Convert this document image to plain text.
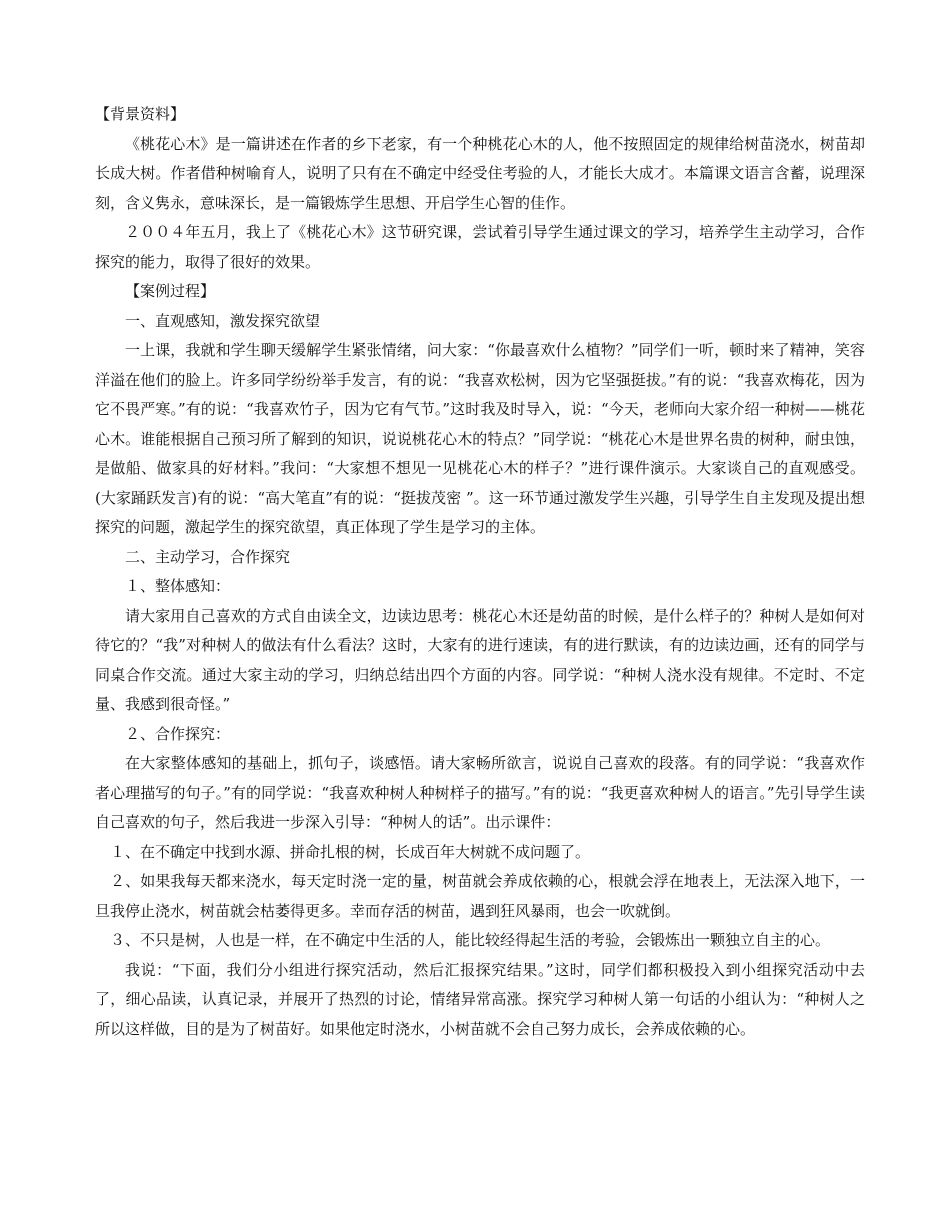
【背景资料】

《桃花心木》是一篇讲述在作者的乡下老家，有一个种桃花心木的人，他不按照固定的规律给树苗浇水，树苗却长成大树。作者借种树喻育人，说明了只有在不确定中经受住考验的人，才能长大成才。本篇课文语言含蓄，说理深刻，含义隽永，意味深长，是一篇锻炼学生思想、开启学生心智的佳作。

２００４年五月，我上了《桃花心木》这节研究课，尝试着引导学生通过课文的学习，培养学生主动学习，合作探究的能力，取得了很好的效果。

【案例过程】

一、直观感知，激发探究欲望

一上课，我就和学生聊天缓解学生紧张情绪，问大家：“你最喜欢什么植物？”同学们一听，顿时来了精神，笑容洋溢在他们的脸上。许多同学纷纷举手发言，有的说：“我喜欢松树，因为它坚强挺拔。”有的说：“我喜欢梅花，因为它不畏严寒。”有的说：“我喜欢竹子，因为它有气节。”这时我及时导入，说：“今天，老师向大家介绍一种树——桃花心木。谁能根据自己预习所了解到的知识，说说桃花心木的特点？”同学说：“桃花心木是世界名贵的树种，耐虫蚀，是做船、做家具的好材料。”我问：“大家想不想见一见桃花心木的样子？”进行课件演示。大家谈自己的直观感受。(大家踊跃发言)有的说：“高大笔直”有的说：“挺拔茂密 ”。这一环节通过激发学生兴趣，引导学生自主发现及提出想探究的问题，激起学生的探究欲望，真正体现了学生是学习的主体。

二、主动学习，合作探究

１、整体感知：

请大家用自己喜欢的方式自由读全文，边读边思考：桃花心木还是幼苗的时候，是什么样子的？种树人是如何对待它的？“我”对种树人的做法有什么看法？这时，大家有的进行速读，有的进行默读，有的边读边画，还有的同学与同桌合作交流。通过大家主动的学习，归纳总结出四个方面的内容。同学说：“种树人浇水没有规律。不定时、不定量、我感到很奇怪。”

２、合作探究：

在大家整体感知的基础上，抓句子，谈感悟。请大家畅所欲言，说说自己喜欢的段落。有的同学说：“我喜欢作者心理描写的句子。”有的同学说：“我喜欢种树人种树样子的描写。”有的说：“我更喜欢种树人的语言。”先引导学生读自己喜欢的句子，然后我进一步深入引导：“种树人的话”。出示课件：

１、在不确定中找到水源、拼命扎根的树，长成百年大树就不成问题了。

２、如果我每天都来浇水，每天定时浇一定的量，树苗就会养成依赖的心，根就会浮在地表上，无法深入地下，一旦我停止浇水，树苗就会枯萎得更多。幸而存活的树苗，遇到狂风暴雨，也会一吹就倒。

３、不只是树，人也是一样，在不确定中生活的人，能比较经得起生活的考验，会锻炼出一颗独立自主的心。

我说：“下面，我们分小组进行探究活动，然后汇报探究结果。”这时，同学们都积极投入到小组探究活动中去了，细心品读，认真记录，并展开了热烈的讨论，情绪异常高涨。探究学习种树人第一句话的小组认为：“种树人之所以这样做，目的是为了树苗好。如果他定时浇水，小树苗就不会自己努力成长，会养成依赖的心。
